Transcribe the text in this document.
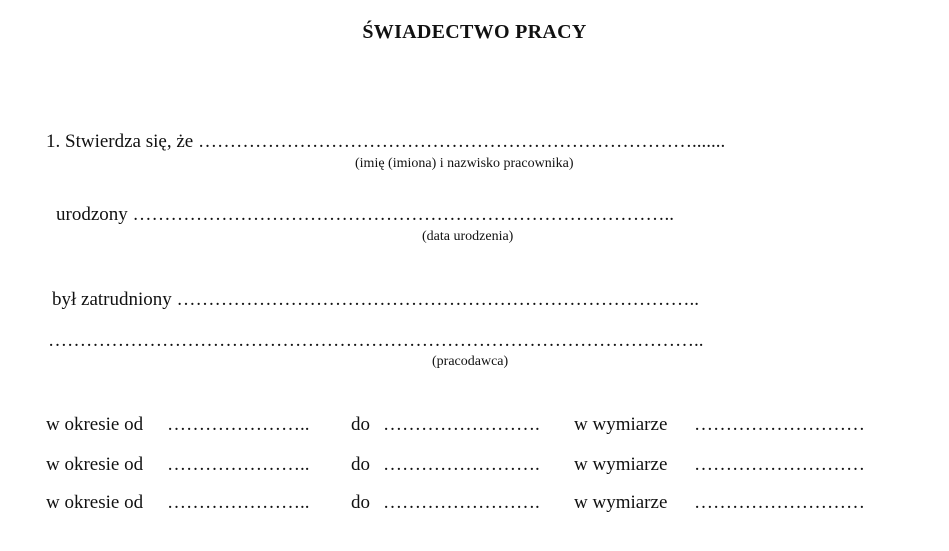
ŚWIADECTWO PRACY
1. Stwierdza się, że …………………………………………………………………….......
(imię (imiona) i nazwisko pracownika)
urodzony …………………………………………………………………………..
(data urodzenia)
był zatrudniony ………………………………………………………………………..
…………………………………………………………………………………………..
(pracodawca)
w okresie od ………………….. do ……………………. w wymiarze ………………………
w okresie od ………………….. do ……………………. w wymiarze ………………………
w okresie od ………………….. do ……………………. w wymiarze ………………………
